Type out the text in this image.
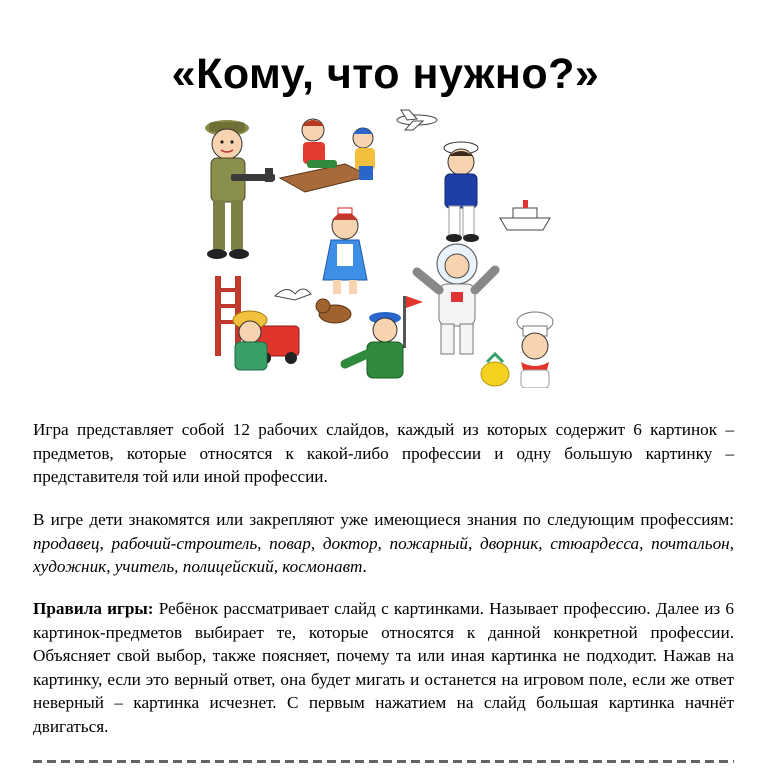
«Кому, что нужно?»
Игра представляет собой 12 рабочих слайдов, каждый из которых содержит 6 картинок – предметов, которые относятся к какой-либо профессии и одну большую картинку – представителя той или иной профессии.
В игре дети знакомятся или закрепляют уже имеющиеся знания по следующим профессиям: продавец, рабочий-строитель, повар, доктор, пожарный, дворник, стюардесса, почтальон, художник, учитель, полицейский, космонавт.
Правила игры: Ребёнок рассматривает слайд с картинками. Называет профессию. Далее из 6 картинок-предметов выбирает те, которые относятся к данной конкретной профессии. Объясняет свой выбор, также поясняет, почему та или иная картинка не подходит. Нажав на картинку, если это верный ответ, она будет мигать и останется на игровом поле, если же ответ неверный – картинка исчезнет. С первым нажатием на слайд большая картинка начнёт двигаться.
